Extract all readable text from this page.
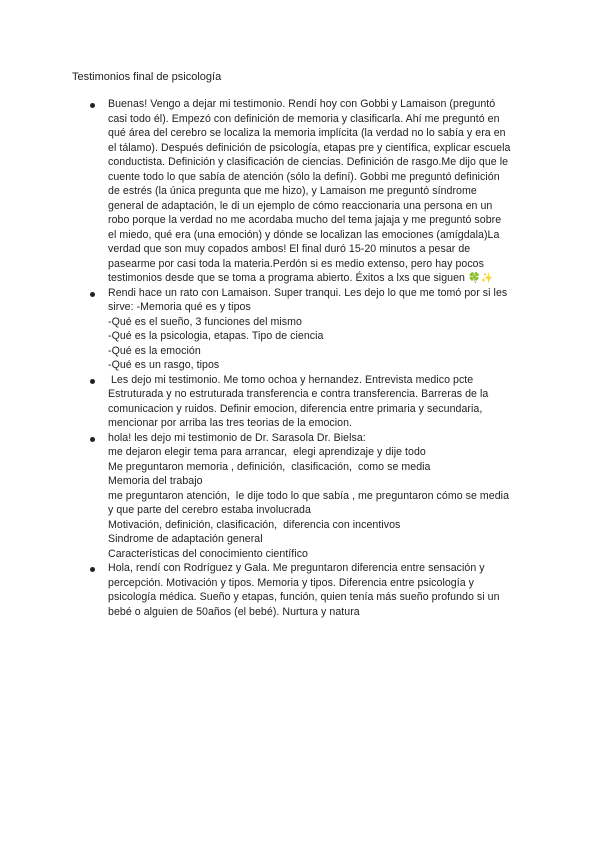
Testimonios final de psicología
Buenas! Vengo a dejar mi testimonio. Rendí hoy con Gobbi y Lamaison (preguntó
casi todo él). Empezó con definición de memoria y clasificarla. Ahí me preguntó en
qué área del cerebro se localiza la memoria implícita (la verdad no lo sabía y era en
el tálamo). Después definición de psicología, etapas pre y científica, explicar escuela
conductista. Definición y clasificación de ciencias. Definición de rasgo.Me dijo que le
cuente todo lo que sabía de atención (sólo la definí). Gobbi me preguntó definición
de estrés (la única pregunta que me hizo), y Lamaison me preguntó síndrome
general de adaptación, le di un ejemplo de cómo reaccionaria una persona en un
robo porque la verdad no me acordaba mucho del tema jajaja y me preguntó sobre
el miedo, qué era (una emoción) y dónde se localizan las emociones (amígdala)La
verdad que son muy copados ambos! El final duró 15-20 minutos a pesar de
pasearme por casi toda la materia.Perdón si es medio extenso, pero hay pocos
testimonios desde que se toma a programa abierto. Éxitos a lxs que siguen 🍀✨
Rendi hace un rato con Lamaison. Super tranqui. Les dejo lo que me tomó por si les
sirve: -Memoria qué es y tipos
-Qué es el sueño, 3 funciones del mismo
-Qué es la psicologia, etapas. Tipo de ciencia
-Qué es la emoción
-Qué es un rasgo, tipos
Les dejo mi testimonio. Me tomo ochoa y hernandez. Entrevista medico pcte
Estruturada y no estruturada transferencia e contra transferencia. Barreras de la
comunicacion y ruidos. Definir emocion, diferencia entre primaria y secundaria,
mencionar por arriba las tres teorias de la emocion.
hola! les dejo mi testimonio de Dr. Sarasola Dr. Bielsa:
me dejaron elegir tema para arrancar,  elegi aprendizaje y dije todo
Me preguntaron memoria , definición,  clasificación,  como se media
Memoria del trabajo
me preguntaron atención,  le dije todo lo que sabía , me preguntaron cómo se media
y que parte del cerebro estaba involucrada
Motivación, definición, clasificación,  diferencia con incentivos
Sindrome de adaptación general
Características del conocimiento científico
Hola, rendí con Rodríguez y Gala. Me preguntaron diferencia entre sensación y
percepción. Motivación y tipos. Memoria y tipos. Diferencia entre psicología y
psicología médica. Sueño y etapas, función, quien tenía más sueño profundo si un
bebé o alguien de 50años (el bebé). Nurtura y natura
